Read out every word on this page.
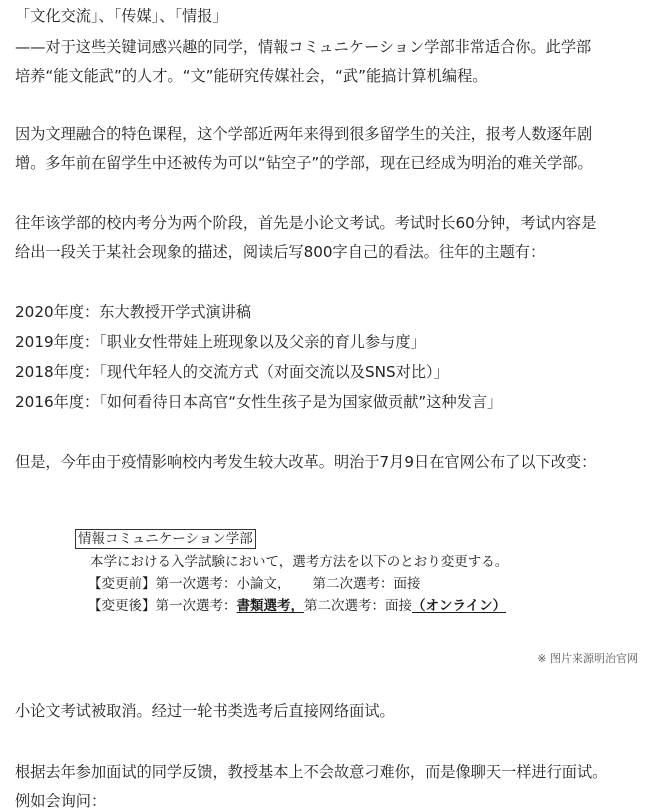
「文化交流」、「传媒」、「情报」
——对于这些关键词感兴趣的同学，情報コミュニケーション学部非常适合你。此学部
培养“能文能武”的人才。“文”能研究传媒社会，“武”能搞计算机编程。
因为文理融合的特色课程，这个学部近两年来得到很多留学生的关注，报考人数逐年剧
增。多年前在留学生中还被传为可以“钻空子”的学部，现在已经成为明治的难关学部。
往年该学部的校内考分为两个阶段，首先是小论文考试。考试时长60分钟，考试内容是
给出一段关于某社会现象的描述，阅读后写800字自己的看法。往年的主题有：
2020年度：东大教授开学式演讲稿
2019年度：「职业女性带娃上班现象以及父亲的育儿参与度」
2018年度：「现代年轻人的交流方式（对面交流以及SNS对比）」
2016年度：「如何看待日本高官“女性生孩子是为国家做贡献”这种发言」
但是，今年由于疫情影响校内考发生较大改革。明治于7月9日在官网公布了以下改变：
情報コミュニケーション学部
本学における入学試験において，選考方法を以下のとおり変更する。
【変更前】第一次選考：小論文， 第二次選考：面接
【変更後】第一次選考：書類選考，第二次選考：面接（オンライン）
※ 图片来源明治官网
小论文考试被取消。经过一轮书类选考后直接网络面试。
根据去年参加面试的同学反馈，教授基本上不会故意刁难你，而是像聊天一样进行面试。
例如会询问：
